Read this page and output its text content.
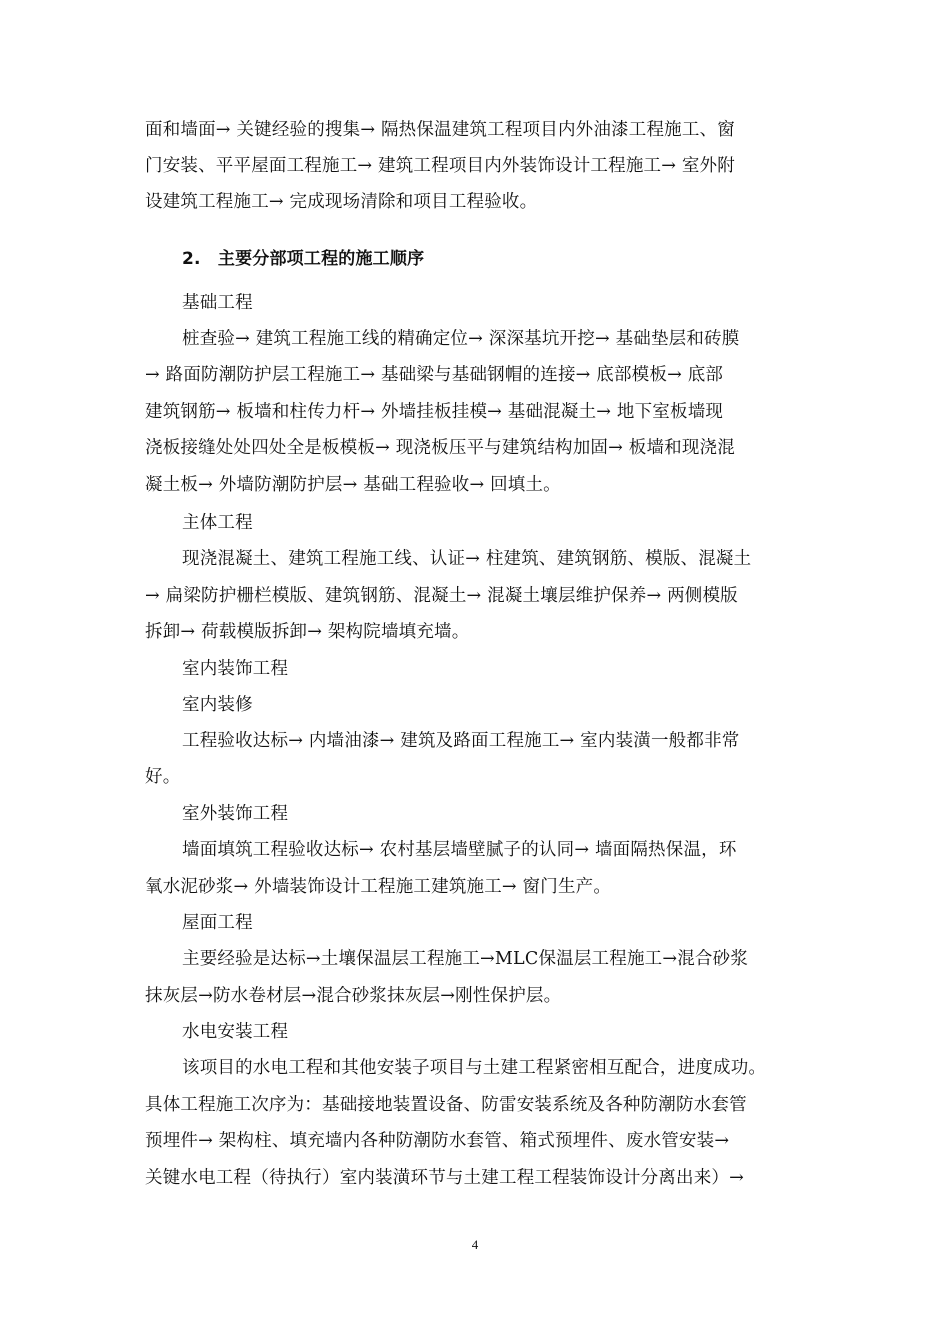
面和墙面→ 关键经验的搜集→ 隔热保温建筑工程项目内外油漆工程施工、窗
门安装、平平屋面工程施工→ 建筑工程项目内外装饰设计工程施工→ 室外附
设建筑工程施工→ 完成现场清除和项目工程验收。
2.　主要分部项工程的施工顺序
基础工程
桩查验→ 建筑工程施工线的精确定位→ 深深基坑开挖→ 基础垫层和砖膜
→ 路面防潮防护层工程施工→ 基础梁与基础钢帽的连接→ 底部模板→ 底部
建筑钢筋→ 板墙和柱传力杆→ 外墙挂板挂模→ 基础混凝土→ 地下室板墙现
浇板接缝处处四处全是板模板→ 现浇板压平与建筑结构加固→ 板墙和现浇混
凝土板→ 外墙防潮防护层→ 基础工程验收→ 回填土。
主体工程
现浇混凝土、建筑工程施工线、认证→ 柱建筑、建筑钢筋、模版、混凝土
→ 扁梁防护栅栏模版、建筑钢筋、混凝土→ 混凝土壤层维护保养→ 两侧模版
拆卸→ 荷载模版拆卸→ 架构院墙填充墙。
室内装饰工程
室内装修
工程验收达标→ 内墙油漆→ 建筑及路面工程施工→ 室内装潢一般都非常
好。
室外装饰工程
墙面填筑工程验收达标→ 农村基层墙壁腻子的认同→ 墙面隔热保温，环
氧水泥砂浆→ 外墙装饰设计工程施工建筑施工→ 窗门生产。
屋面工程
主要经验是达标→土壤保温层工程施工→MLC保温层工程施工→混合砂浆
抹灰层→防水卷材层→混合砂浆抹灰层→刚性保护层。
水电安装工程
该项目的水电工程和其他安装子项目与土建工程紧密相互配合，进度成功。
具体工程施工次序为：基础接地装置设备、防雷安装系统及各种防潮防水套管
预埋件→ 架构柱、填充墙内各种防潮防水套管、箱式预埋件、废水管安装→
关键水电工程（待执行）室内装潢环节与土建工程工程装饰设计分离出来）→
4
